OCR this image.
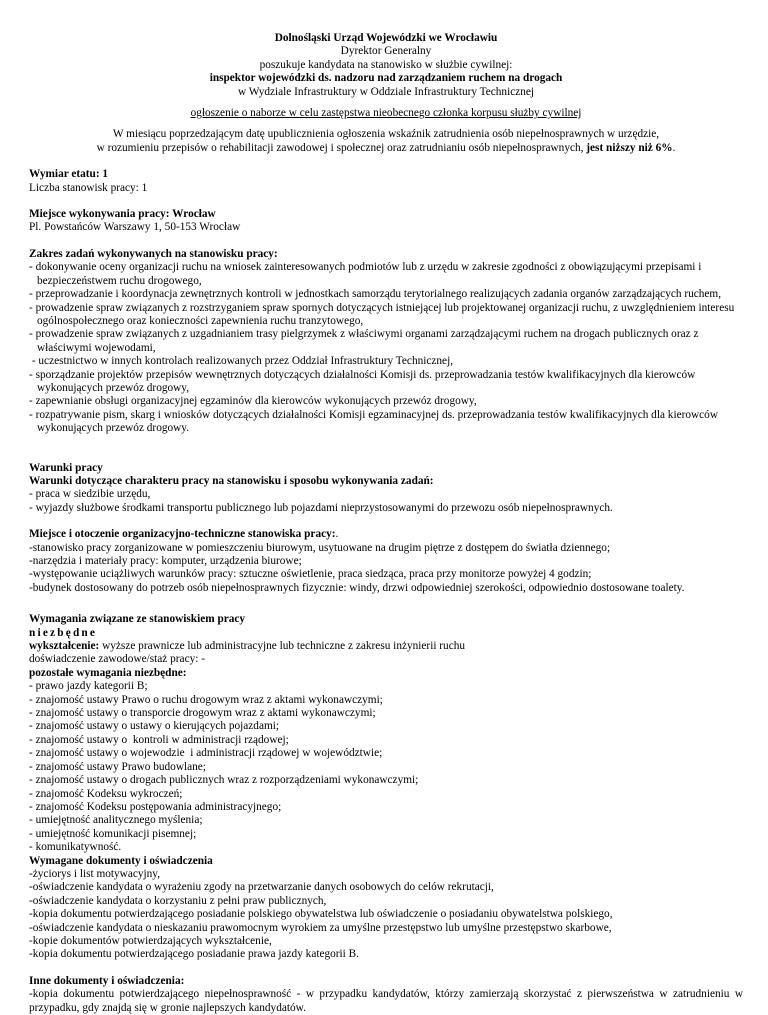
Dolnośląski Urząd Wojewódzki we Wrocławiu

Dyrektor Generalny

poszukuje kandydata na stanowisko w służbie cywilnej:

inspektor wojewódzki ds. nadzoru nad zarządzaniem ruchem na drogach

w Wydziale Infrastruktury w Oddziale Infrastruktury Technicznej

ogłoszenie o naborze w celu zastępstwa nieobecnego członka korpusu służby cywilnej

W miesiącu poprzedzającym datę upublicznienia ogłoszenia wskaźnik zatrudnienia osób niepełnosprawnych w urzędzie,

w rozumieniu przepisów o rehabilitacji zawodowej i społecznej oraz zatrudnianiu osób niepełnosprawnych, jest niższy niż 6%.

Wymiar etatu: 1

Liczba stanowisk pracy: 1

Miejsce wykonywania pracy: Wrocław

Pl. Powstańców Warszawy 1, 50-153 Wrocław

Zakres zadań wykonywanych na stanowisku pracy:

- dokonywanie oceny organizacji ruchu na wniosek zainteresowanych podmiotów lub z urzędu w zakresie zgodności z obowiązującymi przepisami i bezpieczeństwem ruchu drogowego,

- przeprowadzanie i koordynacja zewnętrznych kontroli w jednostkach samorządu terytorialnego realizujących zadania organów zarządzających ruchem,

- prowadzenie spraw związanych z rozstrzyganiem spraw spornych dotyczących istniejącej lub projektowanej organizacji ruchu, z uwzględnieniem interesu ogólnospołecznego oraz konieczności zapewnienia ruchu tranzytowego,

- prowadzenie spraw związanych z uzgadnianiem trasy pielgrzymek z właściwymi organami zarządzającymi ruchem na drogach publicznych oraz z właściwymi wojewodami,

- uczestnictwo w innych kontrolach realizowanych przez Oddział Infrastruktury Technicznej,

- sporządzanie projektów przepisów wewnętrznych dotyczących działalności Komisji ds. przeprowadzania testów kwalifikacyjnych dla kierowców wykonujących przewóz drogowy,

- zapewnianie obsługi organizacyjnej egzaminów dla kierowców wykonujących przewóz drogowy,

- rozpatrywanie pism, skarg i wniosków dotyczących działalności Komisji egzaminacyjnej ds. przeprowadzania testów kwalifikacyjnych dla kierowców wykonujących przewóz drogowy.

Warunki pracy

Warunki dotyczące charakteru pracy na stanowisku i sposobu wykonywania zadań:

- praca w siedzibie urzędu,

- wyjazdy służbowe środkami transportu publicznego lub pojazdami nieprzystosowanymi do przewozu osób niepełnosprawnych.

Miejsce i otoczenie organizacyjno-techniczne stanowiska pracy:.

-stanowisko pracy zorganizowane w pomieszczeniu biurowym, usytuowane na drugim piętrze z dostępem do światła dziennego;

-narzędzia i materiały pracy: komputer, urządzenia biurowe;

-występowanie uciążliwych warunków pracy: sztuczne oświetlenie, praca siedząca, praca przy monitorze powyżej 4 godzin;

-budynek dostosowany do potrzeb osób niepełnosprawnych fizycznie: windy, drzwi odpowiedniej szerokości, odpowiednio dostosowane toalety.

Wymagania związane ze stanowiskiem pracy

niezbędne

wykształcenie: wyższe prawnicze lub administracyjne lub techniczne z zakresu inżynierii ruchu

doświadczenie zawodowe/staż pracy: -

pozostałe wymagania niezbędne:

- prawo jazdy kategorii B;

- znajomość ustawy Prawo o ruchu drogowym wraz z aktami wykonawczymi;

- znajomość ustawy o transporcie drogowym wraz z aktami wykonawczymi;

- znajomość ustawy o ustawy o kierujących pojazdami;

- znajomość ustawy o  kontroli w administracji rządowej;

- znajomość ustawy o wojewodzie  i administracji rządowej w województwie;

- znajomość ustawy Prawo budowlane;

- znajomość ustawy o drogach publicznych wraz z rozporządzeniami wykonawczymi;

- znajomość Kodeksu wykroczeń;

- znajomość Kodeksu postępowania administracyjnego;

- umiejętność analitycznego myślenia;

- umiejętność komunikacji pisemnej;

- komunikatywność.

Wymagane dokumenty i oświadczenia

-życiorys i list motywacyjny,

-oświadczenie kandydata o wyrażeniu zgody na przetwarzanie danych osobowych do celów rekrutacji,

-oświadczenie kandydata o korzystaniu z pełni praw publicznych,

-kopia dokumentu potwierdzającego posiadanie polskiego obywatelstwa lub oświadczenie o posiadaniu obywatelstwa polskiego,

-oświadczenie kandydata o nieskazaniu prawomocnym wyrokiem za umyślne przestępstwo lub umyślne przestępstwo skarbowe,

-kopie dokumentów potwierdzających wykształcenie,

-kopia dokumentu potwierdzającego posiadanie prawa jazdy kategorii B.

Inne dokumenty i oświadczenia:

-kopia dokumentu potwierdzającego niepełnosprawność - w przypadku kandydatów, którzy zamierzają skorzystać z pierwszeństwa w zatrudnieniu w przypadku, gdy znajdą się w gronie najlepszych kandydatów.
